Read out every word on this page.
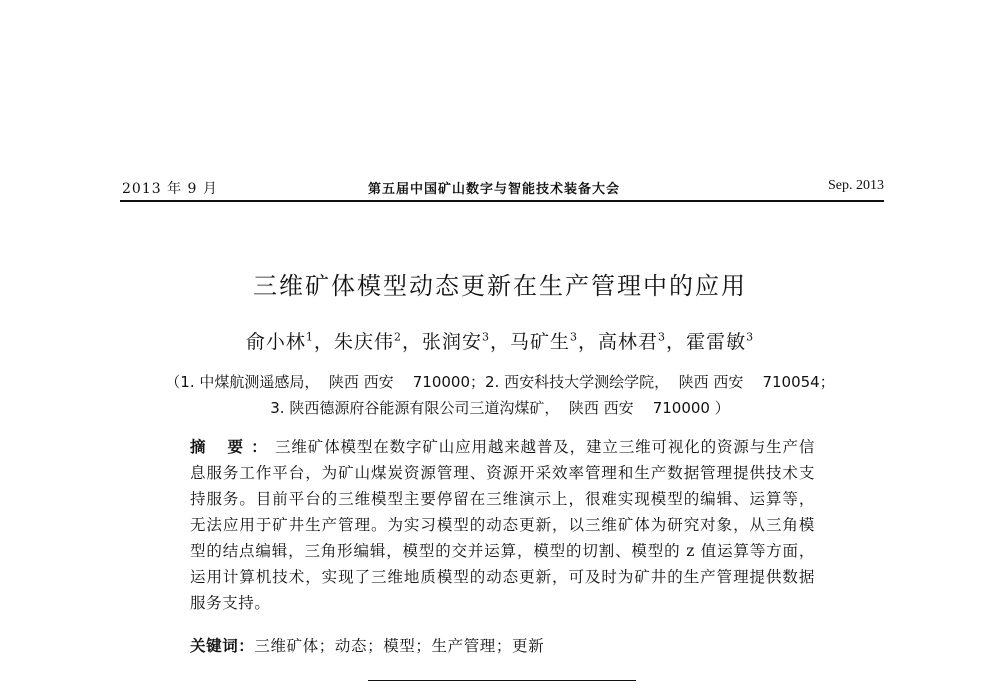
2013 年 9 月	第五届中国矿山数字与智能技术装备大会	Sep. 2013
三维矿体模型动态更新在生产管理中的应用
俞小林$^1$，朱庆伟$^2$，张润安$^3$，马矿生$^3$，高林君$^3$，霍雷敏$^3$
（1. 中煤航测遥感局，  陕西 西安    710000；2. 西安科技大学测绘学院，  陕西 西安    710054；
3. 陕西德源府谷能源有限公司三道沟煤矿，  陕西 西安    710000 ）
摘 要：三维矿体模型在数字矿山应用越来越普及，建立三维可视化的资源与生产信息服务工作平台，为矿山煤炭资源管理、资源开采效率管理和生产数据管理提供技术支持服务。目前平台的三维模型主要停留在三维演示上，很难实现模型的编辑、运算等，无法应用于矿井生产管理。为实习模型的动态更新，以三维矿体为研究对象，从三角模型的结点编辑，三角形编辑，模型的交并运算，模型的切割、模型的 z 值运算等方面，运用计算机技术，实现了三维地质模型的动态更新，可及时为矿井的生产管理提供数据服务支持。
关键词：三维矿体；动态；模型；生产管理；更新
